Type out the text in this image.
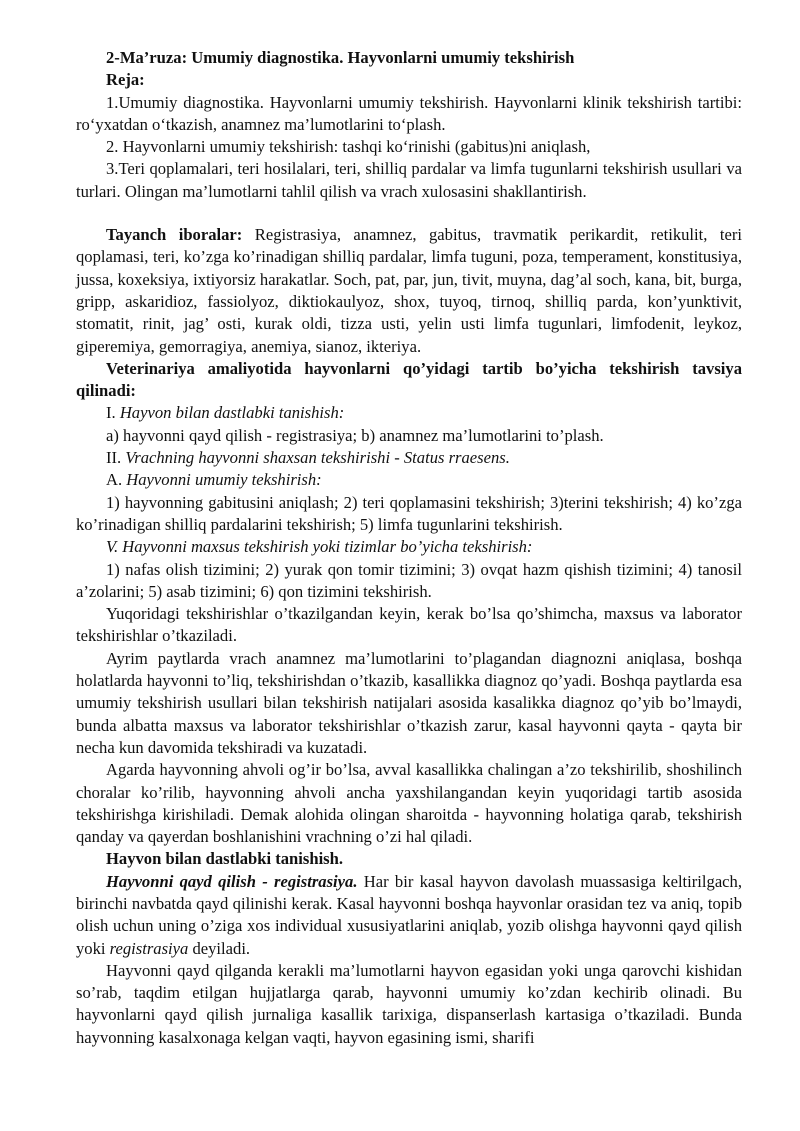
2-Ma’ruza: Umumiy diagnostika. Hayvonlarni umumiy tekshirish

Reja:

1.Umumiy diagnostika. Hayvonlarni umumiy tekshirish. Hayvonlarni klinik tekshirish tartibi: ro‘yxatdan o‘tkazish, anamnez ma’lumotlarini to‘plash.

2. Hayvonlarni umumiy tekshirish: tashqi ko‘rinishi (gabitus)ni aniqlash,

3.Teri qoplamalari, teri hosilalari, teri, shilliq pardalar va limfa tugunlarni tekshirish usullari va turlari. Olingan ma’lumotlarni tahlil qilish va vrach xulosasini shakllantirish.

Tayanch iboralar: Registrasiya, anamnez, gabitus, travmatik perikardit, retikulit, teri qoplamasi, teri, ko’zga ko’rinadigan shilliq pardalar, limfa tuguni, poza, temperament, konstitusiya, jussa, koxeksiya, ixtiyorsiz harakatlar. Soch, pat, par, jun, tivit, muyna, dag’al soch, kana, bit, burga, gripp, askaridioz, fassiolyoz, diktiokaulyoz, shox, tuyoq, tirnoq, shilliq parda, kon’yunktivit, stomatit, rinit, jag’ osti, kurak oldi, tizza usti, yelin usti limfa tugunlari, limfodenit, leykoz, giperemiya, gemorragiya, anemiya, sianoz, ikteriya.

Veterinariya amaliyotida hayvonlarni qo’yidagi tartib bo’yicha tekshirish tavsiya qilinadi:

I. Hayvon bilan dastlabki tanishish:

a) hayvonni qayd qilish - registrasiya; b) anamnez ma’lumotlarini to’plash.

II. Vrachning hayvonni shaxsan tekshirishi - Status rraesens.

A. Hayvonni umumiy tekshirish:

1) hayvonning gabitusini aniqlash; 2) teri qoplamasini tekshirish; 3)terini tekshirish; 4) ko’zga ko’rinadigan shilliq pardalarini tekshirish; 5) limfa tugunlarini tekshirish.

V. Hayvonni maxsus tekshirish yoki tizimlar bo’yicha tekshirish:

1) nafas olish tizimini; 2) yurak qon tomir tizimini; 3) ovqat hazm qishish tizimini; 4) tanosil a’zolarini; 5) asab tizimini; 6) qon tizimini tekshirish.

Yuqoridagi tekshirishlar o’tkazilgandan keyin, kerak bo’lsa qo’shimcha, maxsus va laborator tekshirishlar o’tkaziladi.

Ayrim paytlarda vrach anamnez ma’lumotlarini to’plagandan diagnozni aniqlasa, boshqa holatlarda hayvonni to’liq, tekshirishdan o’tkazib, kasallikka diagnoz qo’yadi. Boshqa paytlarda esa umumiy tekshirish usullari bilan tekshirish natijalari asosida kasalikka diagnoz qo’yib bo’lmaydi, bunda albatta maxsus va laborator tekshirishlar o’tkazish zarur, kasal hayvonni qayta - qayta bir necha kun davomida tekshiradi va kuzatadi.

Agarda hayvonning ahvoli og’ir bo’lsa, avval kasallikka chalingan a’zo tekshirilib, shoshilinch choralar ko’rilib, hayvonning ahvoli ancha yaxshilangandan keyin yuqoridagi tartib asosida tekshirishga kirishiladi. Demak alohida olingan sharoitda - hayvonning holatiga qarab, tekshirish qanday va qayerdan boshlanishini vrachning o’zi hal qiladi.

Hayvon bilan dastlabki tanishish.

Hayvonni qayd qilish - registrasiya. Har bir kasal hayvon davolash muassasiga keltirilgach, birinchi navbatda qayd qilinishi kerak. Kasal hayvonni boshqa hayvonlar orasidan tez va aniq, topib olish uchun uning o’ziga xos individual xususiyatlarini aniqlab, yozib olishga hayvonni qayd qilish yoki registrasiya deyiladi.

Hayvonni qayd qilganda kerakli ma’lumotlarni hayvon egasidan yoki unga qarovchi kishidan so’rab, taqdim etilgan hujjatlarga qarab, hayvonni umumiy ko’zdan kechirib olinadi. Bu hayvonlarni qayd qilish jurnaliga kasallik tarixiga, dispanserlash kartasiga o’tkaziladi. Bunda hayvonning kasalxonaga kelgan vaqti, hayvon egasining ismi, sharifi
